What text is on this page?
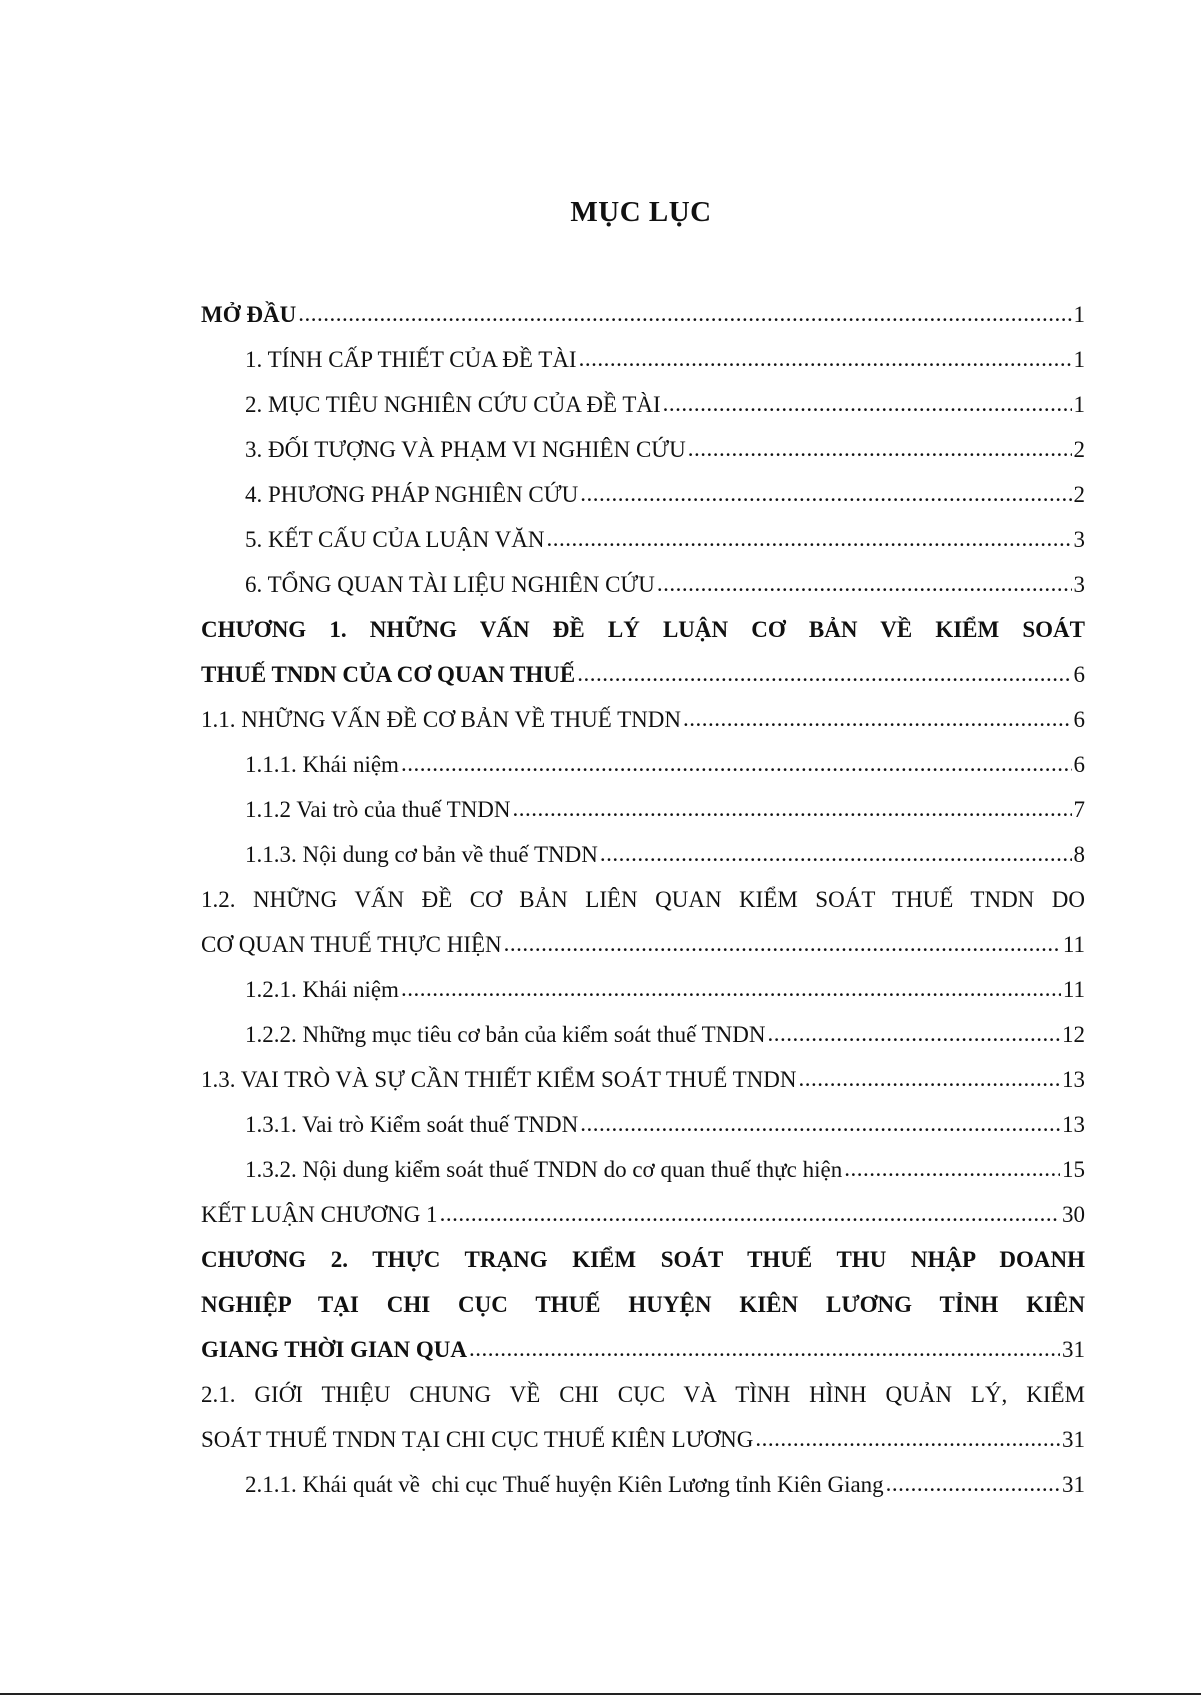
MỤC LỤC
MỞ ĐẦU .....	1
1. TÍNH CẤP THIẾT CỦA ĐỀ TÀI .....	1
2. MỤC TIÊU NGHIÊN CỨU CỦA ĐỀ TÀI .....	1
3. ĐỐI TƯỢNG VÀ PHẠM VI NGHIÊN CỨU .....	2
4. PHƯƠNG PHÁP NGHIÊN CỨU .....	2
5. KẾT CẤU CỦA LUẬN VĂN .....	3
6. TỔNG QUAN TÀI LIỆU NGHIÊN CỨU .....	3
CHƯƠNG 1. NHỮNG VẤN ĐỀ LÝ LUẬN CƠ BẢN VỀ KIỂM SOÁT
THUẾ TNDN CỦA CƠ QUAN THUẾ .....	6
1.1. NHỮNG VẤN ĐỀ CƠ BẢN VỀ THUẾ TNDN .....	6
1.1.1. Khái niệm .....	6
1.1.2 Vai trò của thuế TNDN .....	7
1.1.3. Nội dung cơ bản về thuế TNDN .....	8
1.2. NHỮNG VẤN ĐỀ CƠ BẢN LIÊN QUAN KIỂM SOÁT THUẾ TNDN DO
CƠ QUAN THUẾ THỰC HIỆN .....	11
1.2.1. Khái niệm .....	11
1.2.2. Những mục tiêu cơ bản của kiểm soát thuế TNDN .....	12
1.3. VAI TRÒ VÀ SỰ CẦN THIẾT KIỂM SOÁT THUẾ TNDN .....	13
1.3.1. Vai trò Kiểm soát thuế TNDN .....	13
1.3.2. Nội dung kiểm soát thuế TNDN do cơ quan thuế thực hiện .....	15
KẾT LUẬN CHƯƠNG 1 .....	30
CHƯƠNG 2. THỰC TRẠNG KIỂM SOÁT THUẾ THU NHẬP DOANH
NGHIỆP TẠI CHI CỤC THUẾ HUYỆN KIÊN LƯƠNG TỈNH KIÊN
GIANG THỜI GIAN QUA .....	31
2.1. GIỚI THIỆU CHUNG VỀ CHI CỤC VÀ TÌNH HÌNH QUẢN LÝ, KIỂM
SOÁT THUẾ TNDN TẠI CHI CỤC THUẾ KIÊN LƯƠNG .....	31
2.1.1. Khái quát về  chi cục Thuế huyện Kiên Lương tỉnh Kiên Giang .....	31
